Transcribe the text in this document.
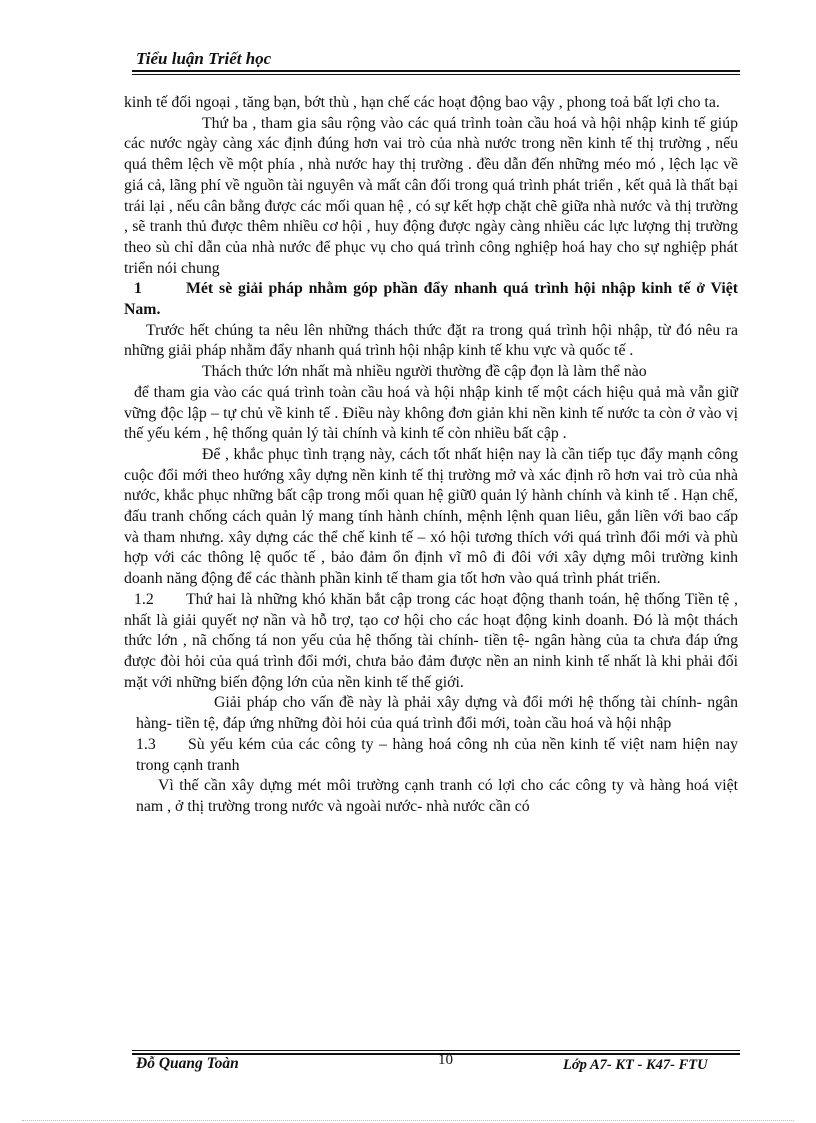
Tiểu luận Triết học

kinh tế đối ngoại , tăng bạn, bớt thù , hạn chế các hoạt động bao vậy , phong toả bất lợi cho ta.

Thứ ba , tham gia sâu rộng vào các quá trình toàn cầu hoá và hội nhập kinh tế giúp các nước ngày càng xác định đúng hơn vai trò của nhà nước trong nền kinh tế thị trường , nếu quá thêm lệch về một phía , nhà nước hay thị trường . đều dẫn đến những méo mó , lệch lạc về giá cả, lãng phí về nguồn tài nguyên và mất cân đối trong quá trình phát triển , kết quả là thất bại trái lại , nếu cân bằng được các mối quan hệ , có sự kết hợp chặt chẽ giữa nhà nước và thị trường , sẽ tranh thủ được thêm nhiều cơ hội , huy động được ngày càng nhiều các lực lượng thị trường theo sù chỉ dẫn của nhà nước để phục vụ cho quá trình công nghiệp hoá hay cho sự nghiệp phát triển nói chung

1	Mét sè giải pháp nhằm góp phần đẩy nhanh quá trình hội nhập kinh tế ở Việt Nam.

Trước hết chúng ta nêu lên những thách thức đặt ra trong quá trình hội nhập, từ đó nêu ra những giải pháp nhằm đẩy nhanh quá trình hội nhập kinh tế khu vực và quốc tế .

Thách thức lớn nhất mà nhiều người thường đề cập đọn là làm thể nào

để tham gia vào các quá trình toàn cầu hoá và hội nhập kinh tế một cách hiệu quả mà vẫn giữ vững độc lập – tự chủ về kinh tế . Điều này không đơn giản khi nền kinh tế nước ta còn ở vào vị thế yếu kém , hệ thống quản lý tài chính và kinh tế còn nhiều bất cập .

Để , khắc phục tình trạng này, cách tốt nhất hiện nay là cần tiếp tục đẩy mạnh công cuộc đổi mới theo hướng xây dựng nền kinh tế thị trường mở và xác định rõ hơn vai trò của nhà nước, khắc phục những bất cập trong mối quan hệ giữ0 quản lý hành chính và kinh tế . Hạn chế, đấu tranh chống cách quản lý mang tính hành chính, mệnh lệnh quan liêu, gắn liền với bao cấp và tham nhưng. xây dựng các thể chế kinh tế – xó hội tương thích với quá trình đổi mới và phù hợp với các thông lệ quốc tế , bảo đảm ổn định vĩ mô đi đôi với xây dựng môi trường kinh doanh năng động để các thành phần kinh tế tham gia tốt hơn vào quá trình phát triển.

1.2 Thứ hai là những khó khăn bắt cập trong các hoạt động thanh toán, hệ thống Tiền tệ , nhất là giải quyết nợ nần và hỗ trợ, tạo cơ hội cho các hoạt động kinh doanh. Đó là một thách thức lớn , nã chống tá non yếu của hệ thống tài chính- tiền tệ- ngân hàng của ta chưa đáp ứng được đòi hỏi của quá trình đổi mới, chưa bảo đảm được nền an ninh kinh tế nhất là khi phải đối mặt với những biến động lớn của nền kinh tế thế giới.

Giải pháp cho vấn đề này là phải xây dựng và đổi mới hệ thống tài chính- ngân hàng- tiền tệ, đáp ứng những đòi hỏi của quá trình đổi mới, toàn cầu hoá và hội nhập

1.3 Sù yếu kém của các công ty – hàng hoá công nh của nền kinh tế việt nam hiện nay trong cạnh tranh

Vì thế cần xây dựng mét môi trường cạnh tranh có lợi cho các công ty và hàng hoá việt nam , ở thị trường trong nước và ngoài nước- nhà nước cần có

Đỗ Quang Toàn	10	Lớp A7- KT - K47- FTU
